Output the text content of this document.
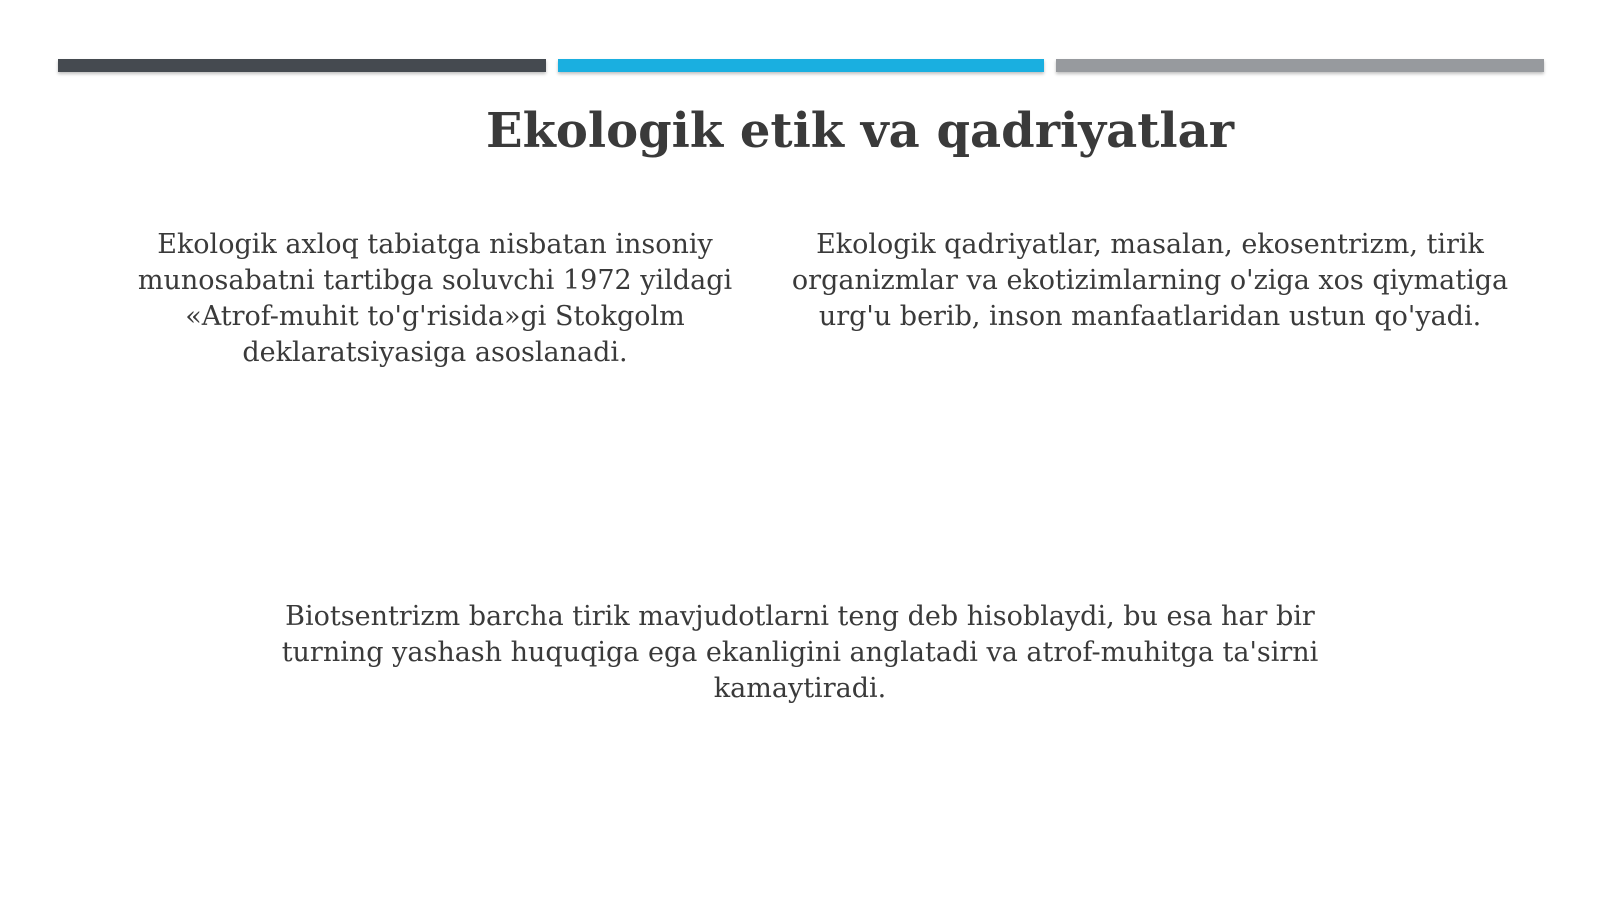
Ekologik etik va qadriyatlar

Ekologik axloq tabiatga nisbatan insoniy munosabatni tartibga soluvchi 1972 yildagi «Atrof-muhit to'g'risida»gi Stokgolm deklaratsiyasiga asoslanadi.

Ekologik qadriyatlar, masalan, ekosentrizm, tirik organizmlar va ekotizimlarning o'ziga xos qiymatiga urg'u berib, inson manfaatlaridan ustun qo'yadi.

Biotsentrizm barcha tirik mavjudotlarni teng deb hisoblaydi, bu esa har bir turning yashash huquqiga ega ekanligini anglatadi va atrof-muhitga ta'sirni kamaytiradi.
